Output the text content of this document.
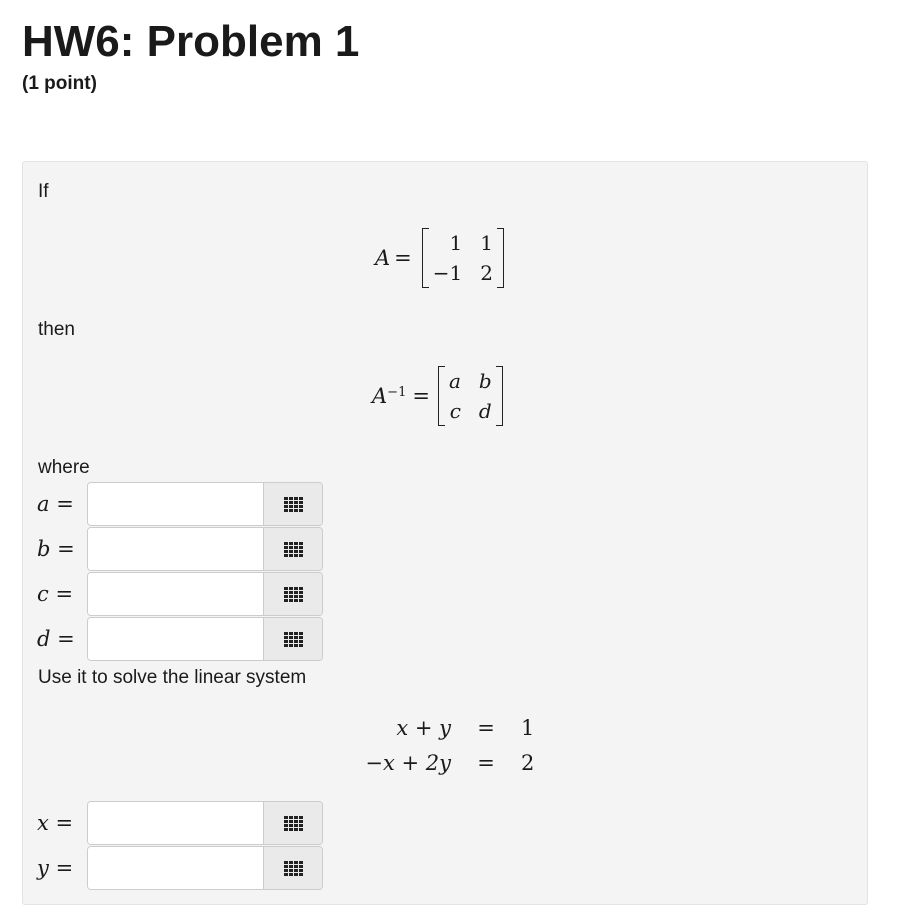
HW6: Problem 1
(1 point)
If
A =
1 1
−1 2
then
$A^{-1}$ =
a b
c d
where
a =
b =
c =
d =
Use it to solve the linear system
x + y	=	1
−x + 2y	=	2
x =
y =
